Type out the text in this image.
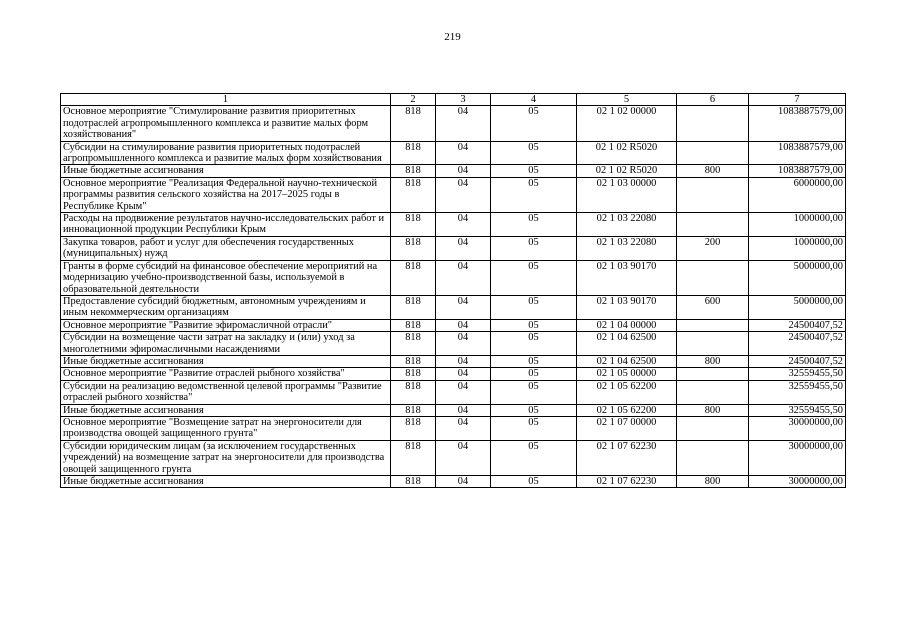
219
1	2	3	4	5	6	7
Основное мероприятие "Стимулирование развития приоритетных подотраслей агропромышленного комплекса и развитие малых форм хозяйствования"	818	04	05	02 1 02 00000		1083887579,00
Субсидии на стимулирование развития приоритетных подотраслей агропромышленного комплекса и развитие малых форм хозяйствования	818	04	05	02 1 02 R5020		1083887579,00
Иные бюджетные ассигнования	818	04	05	02 1 02 R5020	800	1083887579,00
Основное мероприятие "Реализация Федеральной научно-технической программы развития сельского хозяйства на 2017–2025 годы в Республике Крым"	818	04	05	02 1 03 00000		6000000,00
Расходы на продвижение результатов научно-исследовательских работ и инновационной продукции Республики Крым	818	04	05	02 1 03 22080		1000000,00
Закупка товаров, работ и услуг для обеспечения государственных (муниципальных) нужд	818	04	05	02 1 03 22080	200	1000000,00
Гранты в форме субсидий на финансовое обеспечение мероприятий на модернизацию учебно-производственной базы, используемой в образовательной деятельности	818	04	05	02 1 03 90170		5000000,00
Предоставление субсидий бюджетным, автономным учреждениям и иным некоммерческим организациям	818	04	05	02 1 03 90170	600	5000000,00
Основное мероприятие "Развитие эфиромасличной отрасли"	818	04	05	02 1 04 00000		24500407,52
Субсидии на возмещение части затрат на закладку и (или) уход за многолетними эфиромасличными насаждениями	818	04	05	02 1 04 62500		24500407,52
Иные бюджетные ассигнования	818	04	05	02 1 04 62500	800	24500407,52
Основное мероприятие "Развитие отраслей рыбного хозяйства"	818	04	05	02 1 05 00000		32559455,50
Субсидии на реализацию ведомственной целевой программы "Развитие отраслей рыбного хозяйства"	818	04	05	02 1 05 62200		32559455,50
Иные бюджетные ассигнования	818	04	05	02 1 05 62200	800	32559455,50
Основное мероприятие "Возмещение затрат на энергоносители для производства овощей защищенного грунта"	818	04	05	02 1 07 00000		30000000,00
Субсидии юридическим лицам (за исключением государственных учреждений) на возмещение затрат на энергоносители для производства овощей защищенного грунта	818	04	05	02 1 07 62230		30000000,00
Иные бюджетные ассигнования	818	04	05	02 1 07 62230	800	30000000,00
